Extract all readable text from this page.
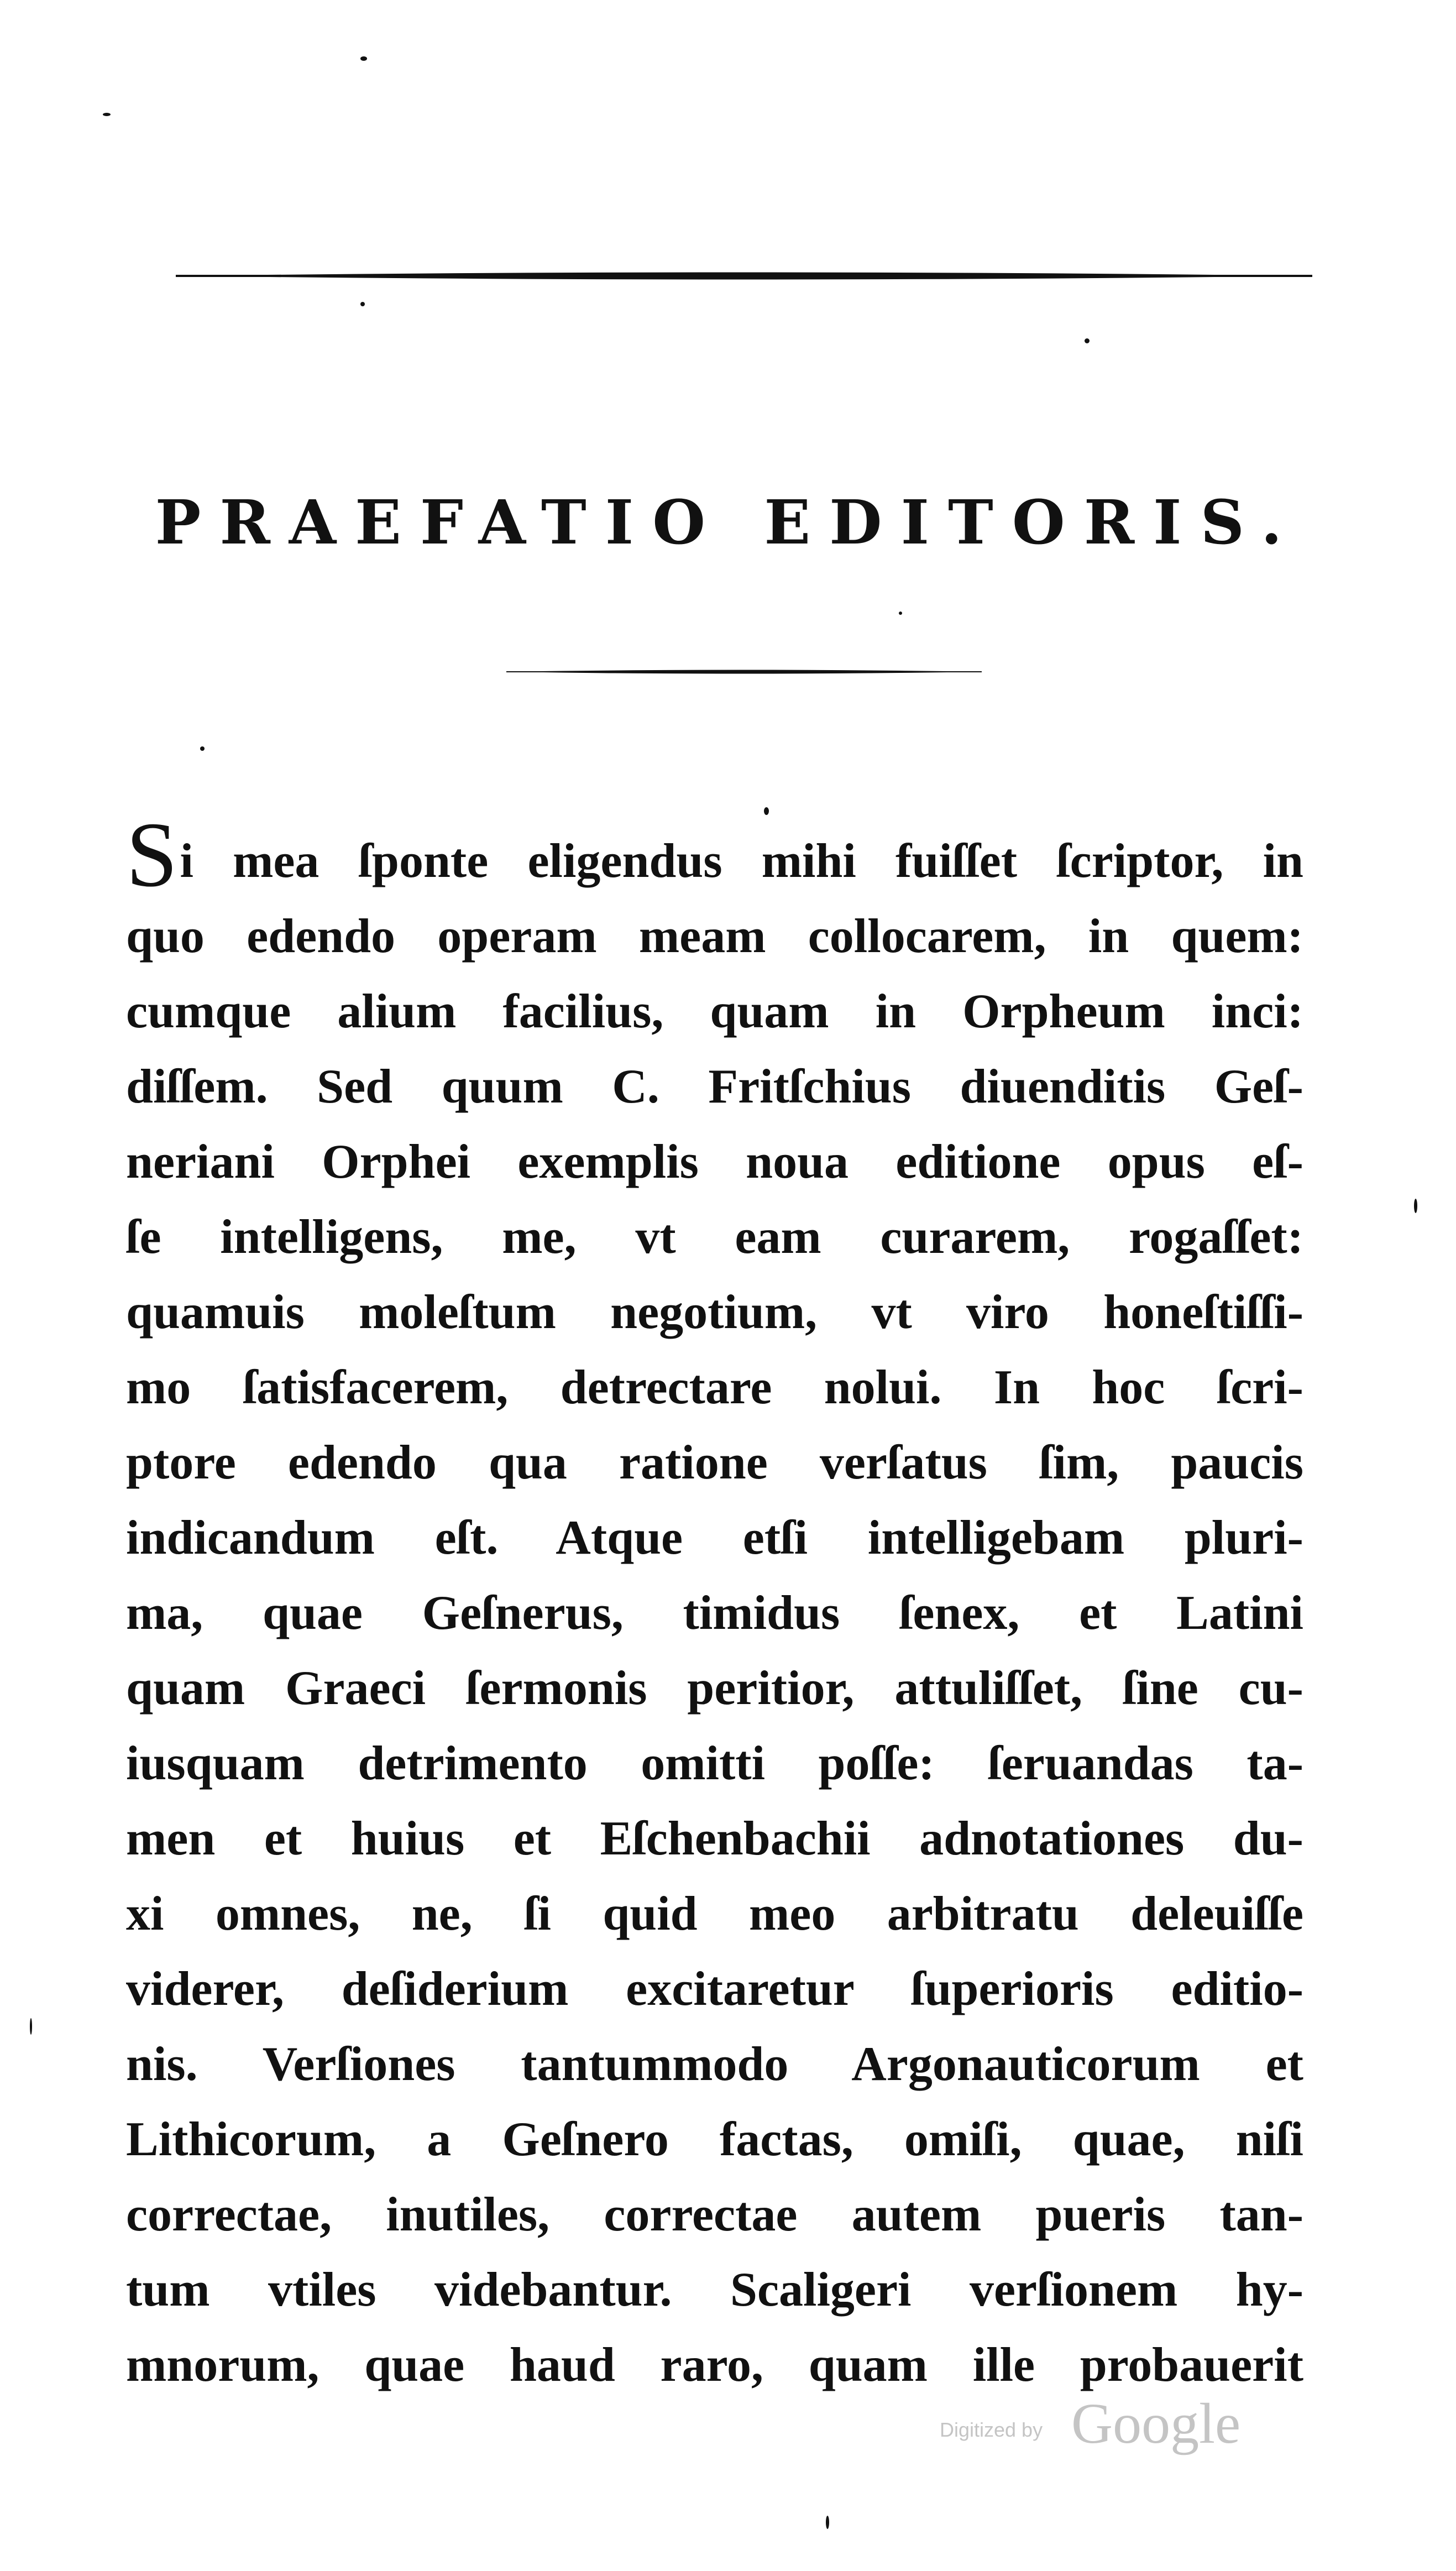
PRAEFATIO EDITORIS.
Si mea ſponte eligendus mihi fuiſſet ſcriptor, in
quo edendo operam meam collocarem, in quem:
cumque alium facilius, quam in Orpheum inci:
diſſem. Sed quum C. Fritſchius diuenditis Geſ-
neriani Orphei exemplis noua editione opus eſ-
ſe intelligens, me, vt eam curarem, rogaſſet:
quamuis moleſtum negotium, vt viro honeſtiſſi-
mo ſatisfacerem, detrectare nolui. In hoc ſcri-
ptore edendo qua ratione verſatus ſim, paucis
indicandum eſt. Atque etſi intelligebam pluri-
ma, quae Geſnerus, timidus ſenex, et Latini
quam Graeci ſermonis peritior, attuliſſet, ſine cu-
iusquam detrimento omitti poſſe: ſeruandas ta-
men et huius et Eſchenbachii adnotationes du-
xi omnes, ne, ſi quid meo arbitratu deleuiſſe
viderer, deſiderium excitaretur ſuperioris editio-
nis. Verſiones tantummodo Argonauticorum et
Lithicorum, a Geſnero factas, omiſi, quae, niſi
correctae, inutiles, correctae autem pueris tan-
tum vtiles videbantur. Scaligeri verſionem hy-
mnorum, quae haud raro, quam ille probauerit
Digitized by Google
